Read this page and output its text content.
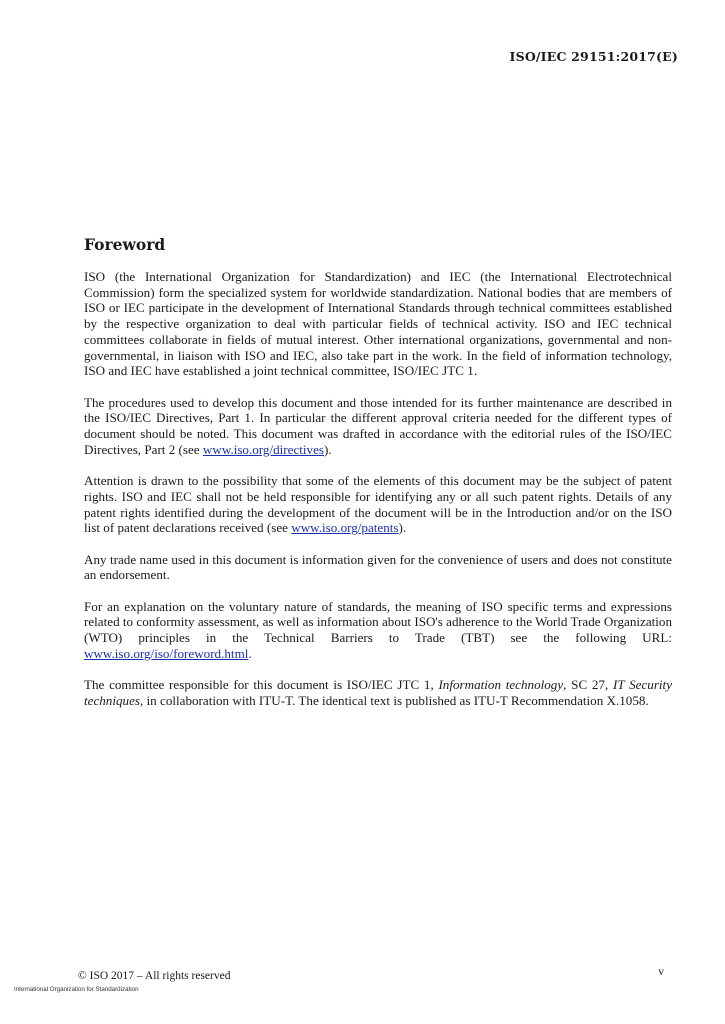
ISO/IEC 29151:2017(E)
Foreword

ISO (the International Organization for Standardization) and IEC (the International Electrotechnical Commission) form the specialized system for worldwide standardization. National bodies that are members of ISO or IEC participate in the development of International Standards through technical committees established by the respective organization to deal with particular fields of technical activity. ISO and IEC technical committees collaborate in fields of mutual interest. Other international organizations, governmental and non-governmental, in liaison with ISO and IEC, also take part in the work. In the field of information technology, ISO and IEC have established a joint technical committee, ISO/IEC JTC 1.

The procedures used to develop this document and those intended for its further maintenance are described in the ISO/IEC Directives, Part 1. In particular the different approval criteria needed for the different types of document should be noted. This document was drafted in accordance with the editorial rules of the ISO/IEC Directives, Part 2 (see www.iso.org/directives).

Attention is drawn to the possibility that some of the elements of this document may be the subject of patent rights. ISO and IEC shall not be held responsible for identifying any or all such patent rights. Details of any patent rights identified during the development of the document will be in the Introduction and/or on the ISO list of patent declarations received (see www.iso.org/patents).

Any trade name used in this document is information given for the convenience of users and does not constitute an endorsement.

For an explanation on the voluntary nature of standards, the meaning of ISO specific terms and expressions related to conformity assessment, as well as information about ISO's adherence to the World Trade Organization (WTO) principles in the Technical Barriers to Trade (TBT) see the following URL: www.iso.org/iso/foreword.html.

The committee responsible for this document is ISO/IEC JTC 1, Information technology, SC 27, IT Security techniques, in collaboration with ITU-T. The identical text is published as ITU-T Recommendation X.1058.

© ISO 2017 – All rights reserved	v
International Organization for Standardization
